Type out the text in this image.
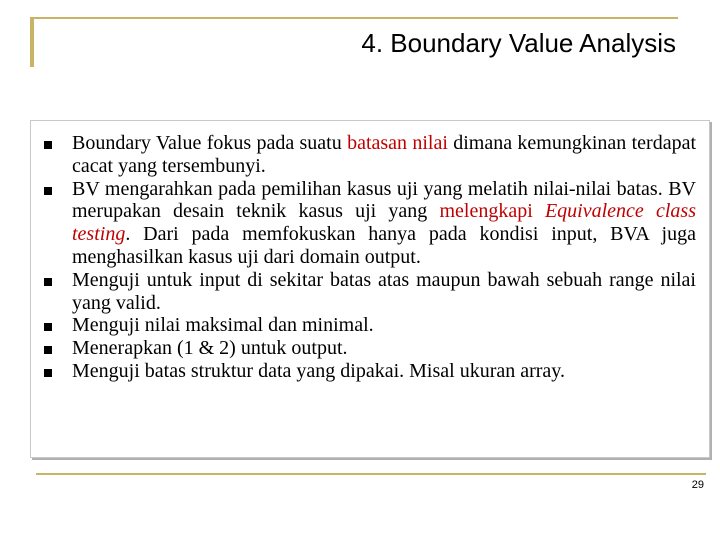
4. Boundary Value Analysis
Boundary Value fokus pada suatu batasan nilai dimana kemungkinan terdapat cacat yang tersembunyi.
BV mengarahkan pada pemilihan kasus uji yang melatih nilai-nilai batas. BV merupakan desain teknik kasus uji yang melengkapi Equivalence class testing. Dari pada memfokuskan hanya pada kondisi input, BVA juga menghasilkan kasus uji dari domain output.
Menguji untuk input di sekitar batas atas maupun bawah sebuah range nilai yang valid.
Menguji nilai maksimal dan minimal.
Menerapkan (1 & 2) untuk output.
Menguji batas struktur data yang dipakai. Misal ukuran array.
29
